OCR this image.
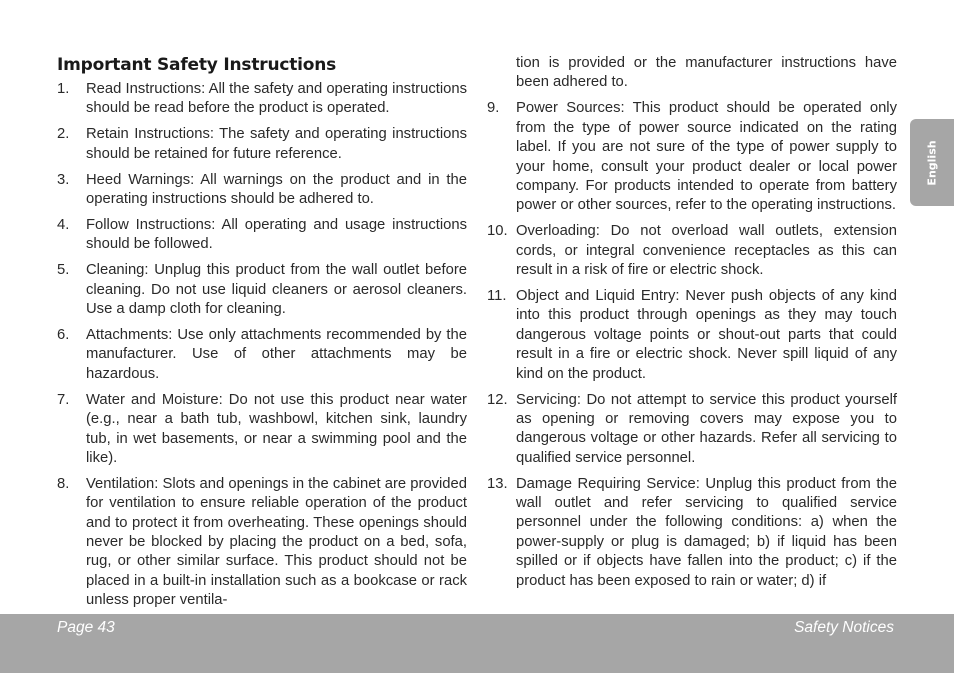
Important Safety Instructions
1. Read Instructions: All the safety and operating instructions should be read before the product is operated.
2. Retain Instructions: The safety and operating instructions should be retained for future reference.
3. Heed Warnings: All warnings on the product and in the operating instructions should be adhered to.
4. Follow Instructions: All operating and usage instructions should be followed.
5. Cleaning: Unplug this product from the wall outlet before cleaning. Do not use liquid cleaners or aerosol cleaners. Use a damp cloth for cleaning.
6. Attachments: Use only attachments recommended by the manufacturer. Use of other attachments may be hazardous.
7. Water and Moisture: Do not use this product near water (e.g., near a bath tub, washbowl, kitchen sink, laundry tub, in wet basements, or near a swimming pool and the like).
8. Ventilation: Slots and openings in the cabinet are provided for ventilation to ensure reliable operation of the product and to protect it from overheating. These openings should never be blocked by placing the product on a bed, sofa, rug, or other similar surface. This product should not be placed in a built-in installation such as a bookcase or rack unless proper ventila-
tion is provided or the manufacturer instructions have been adhered to.
9. Power Sources: This product should be operated only from the type of power source indicated on the rating label. If you are not sure of the type of power supply to your home, consult your product dealer or local power company. For products intended to operate from battery power or other sources, refer to the operating instructions.
10. Overloading: Do not overload wall outlets, extension cords, or integral convenience receptacles as this can result in a risk of fire or electric shock.
11. Object and Liquid Entry: Never push objects of any kind into this product through openings as they may touch dangerous voltage points or shout-out parts that could result in a fire or electric shock. Never spill liquid of any kind on the product.
12. Servicing: Do not attempt to service this product yourself as opening or removing covers may expose you to dangerous voltage or other hazards. Refer all servicing to qualified service personnel.
13. Damage Requiring Service: Unplug this product from the wall outlet and refer servicing to qualified service personnel under the following conditions: a) when the power-supply or plug is damaged; b) if liquid has been spilled or if objects have fallen into the product; c) if the product has been exposed to rain or water; d) if
English
Page 43	Safety Notices
